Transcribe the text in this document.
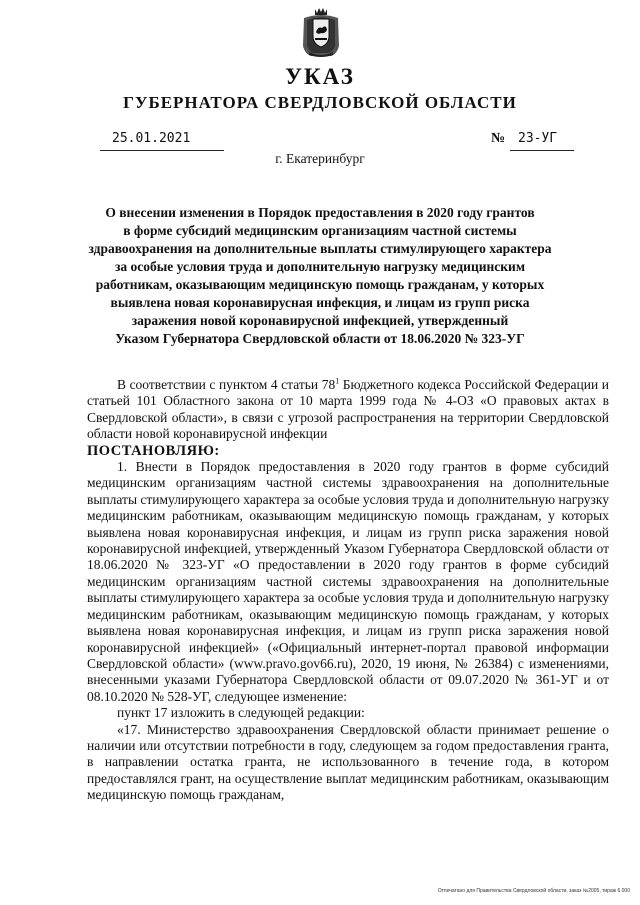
УКАЗ
ГУБЕРНАТОРА СВЕРДЛОВСКОЙ ОБЛАСТИ
25.01.2021	№ 23-УГ
г. Екатеринбург
О внесении изменения в Порядок предоставления в 2020 году грантов
в форме субсидий медицинским организациям частной системы
здравоохранения на дополнительные выплаты стимулирующего характера
за особые условия труда и дополнительную нагрузку медицинским
работникам, оказывающим медицинскую помощь гражданам, у которых
выявлена новая коронавирусная инфекция, и лицам из групп риска
заражения новой коронавирусной инфекцией, утвержденный
Указом Губернатора Свердловской области от 18.06.2020 № 323-УГ

В соответствии с пунктом 4 статьи $78^1$ Бюджетного кодекса Российской Федерации и статьей 101 Областного закона от 10 марта 1999 года № 4-ОЗ «О правовых актах в Свердловской области», в связи с угрозой распространения на территории Свердловской области новой коронавирусной инфекции

ПОСТАНОВЛЯЮ:

1. Внести в Порядок предоставления в 2020 году грантов в форме субсидий медицинским организациям частной системы здравоохранения на дополнительные выплаты стимулирующего характера за особые условия труда и дополнительную нагрузку медицинским работникам, оказывающим медицинскую помощь гражданам, у которых выявлена новая коронавирусная инфекция, и лицам из групп риска заражения новой коронавирусной инфекцией, утвержденный Указом Губернатора Свердловской области от 18.06.2020 № 323-УГ «О предоставлении в 2020 году грантов в форме субсидий медицинским организациям частной системы здравоохранения на дополнительные выплаты стимулирующего характера за особые условия труда и дополнительную нагрузку медицинским работникам, оказывающим медицинскую помощь гражданам, у которых выявлена новая коронавирусная инфекция, и лицам из групп риска заражения новой коронавирусной инфекцией» («Официальный интернет-портал правовой информации Свердловской области» (www.pravo.gov66.ru), 2020, 19 июня, № 26384) с изменениями, внесенными указами Губернатора Свердловской области от 09.07.2020 № 361-УГ и от 08.10.2020 № 528-УГ, следующее изменение:

пункт 17 изложить в следующей редакции:

«17. Министерство здравоохранения Свердловской области принимает решение о наличии или отсутствии потребности в году, следующем за годом предоставления гранта, в направлении остатка гранта, не использованного в течение года, в котором предоставлялся грант, на осуществление выплат медицинским работникам, оказывающим медицинскую помощь гражданам,

Отпечатано для Правительства Свердловской области, заказ №2005, тираж 6 000
